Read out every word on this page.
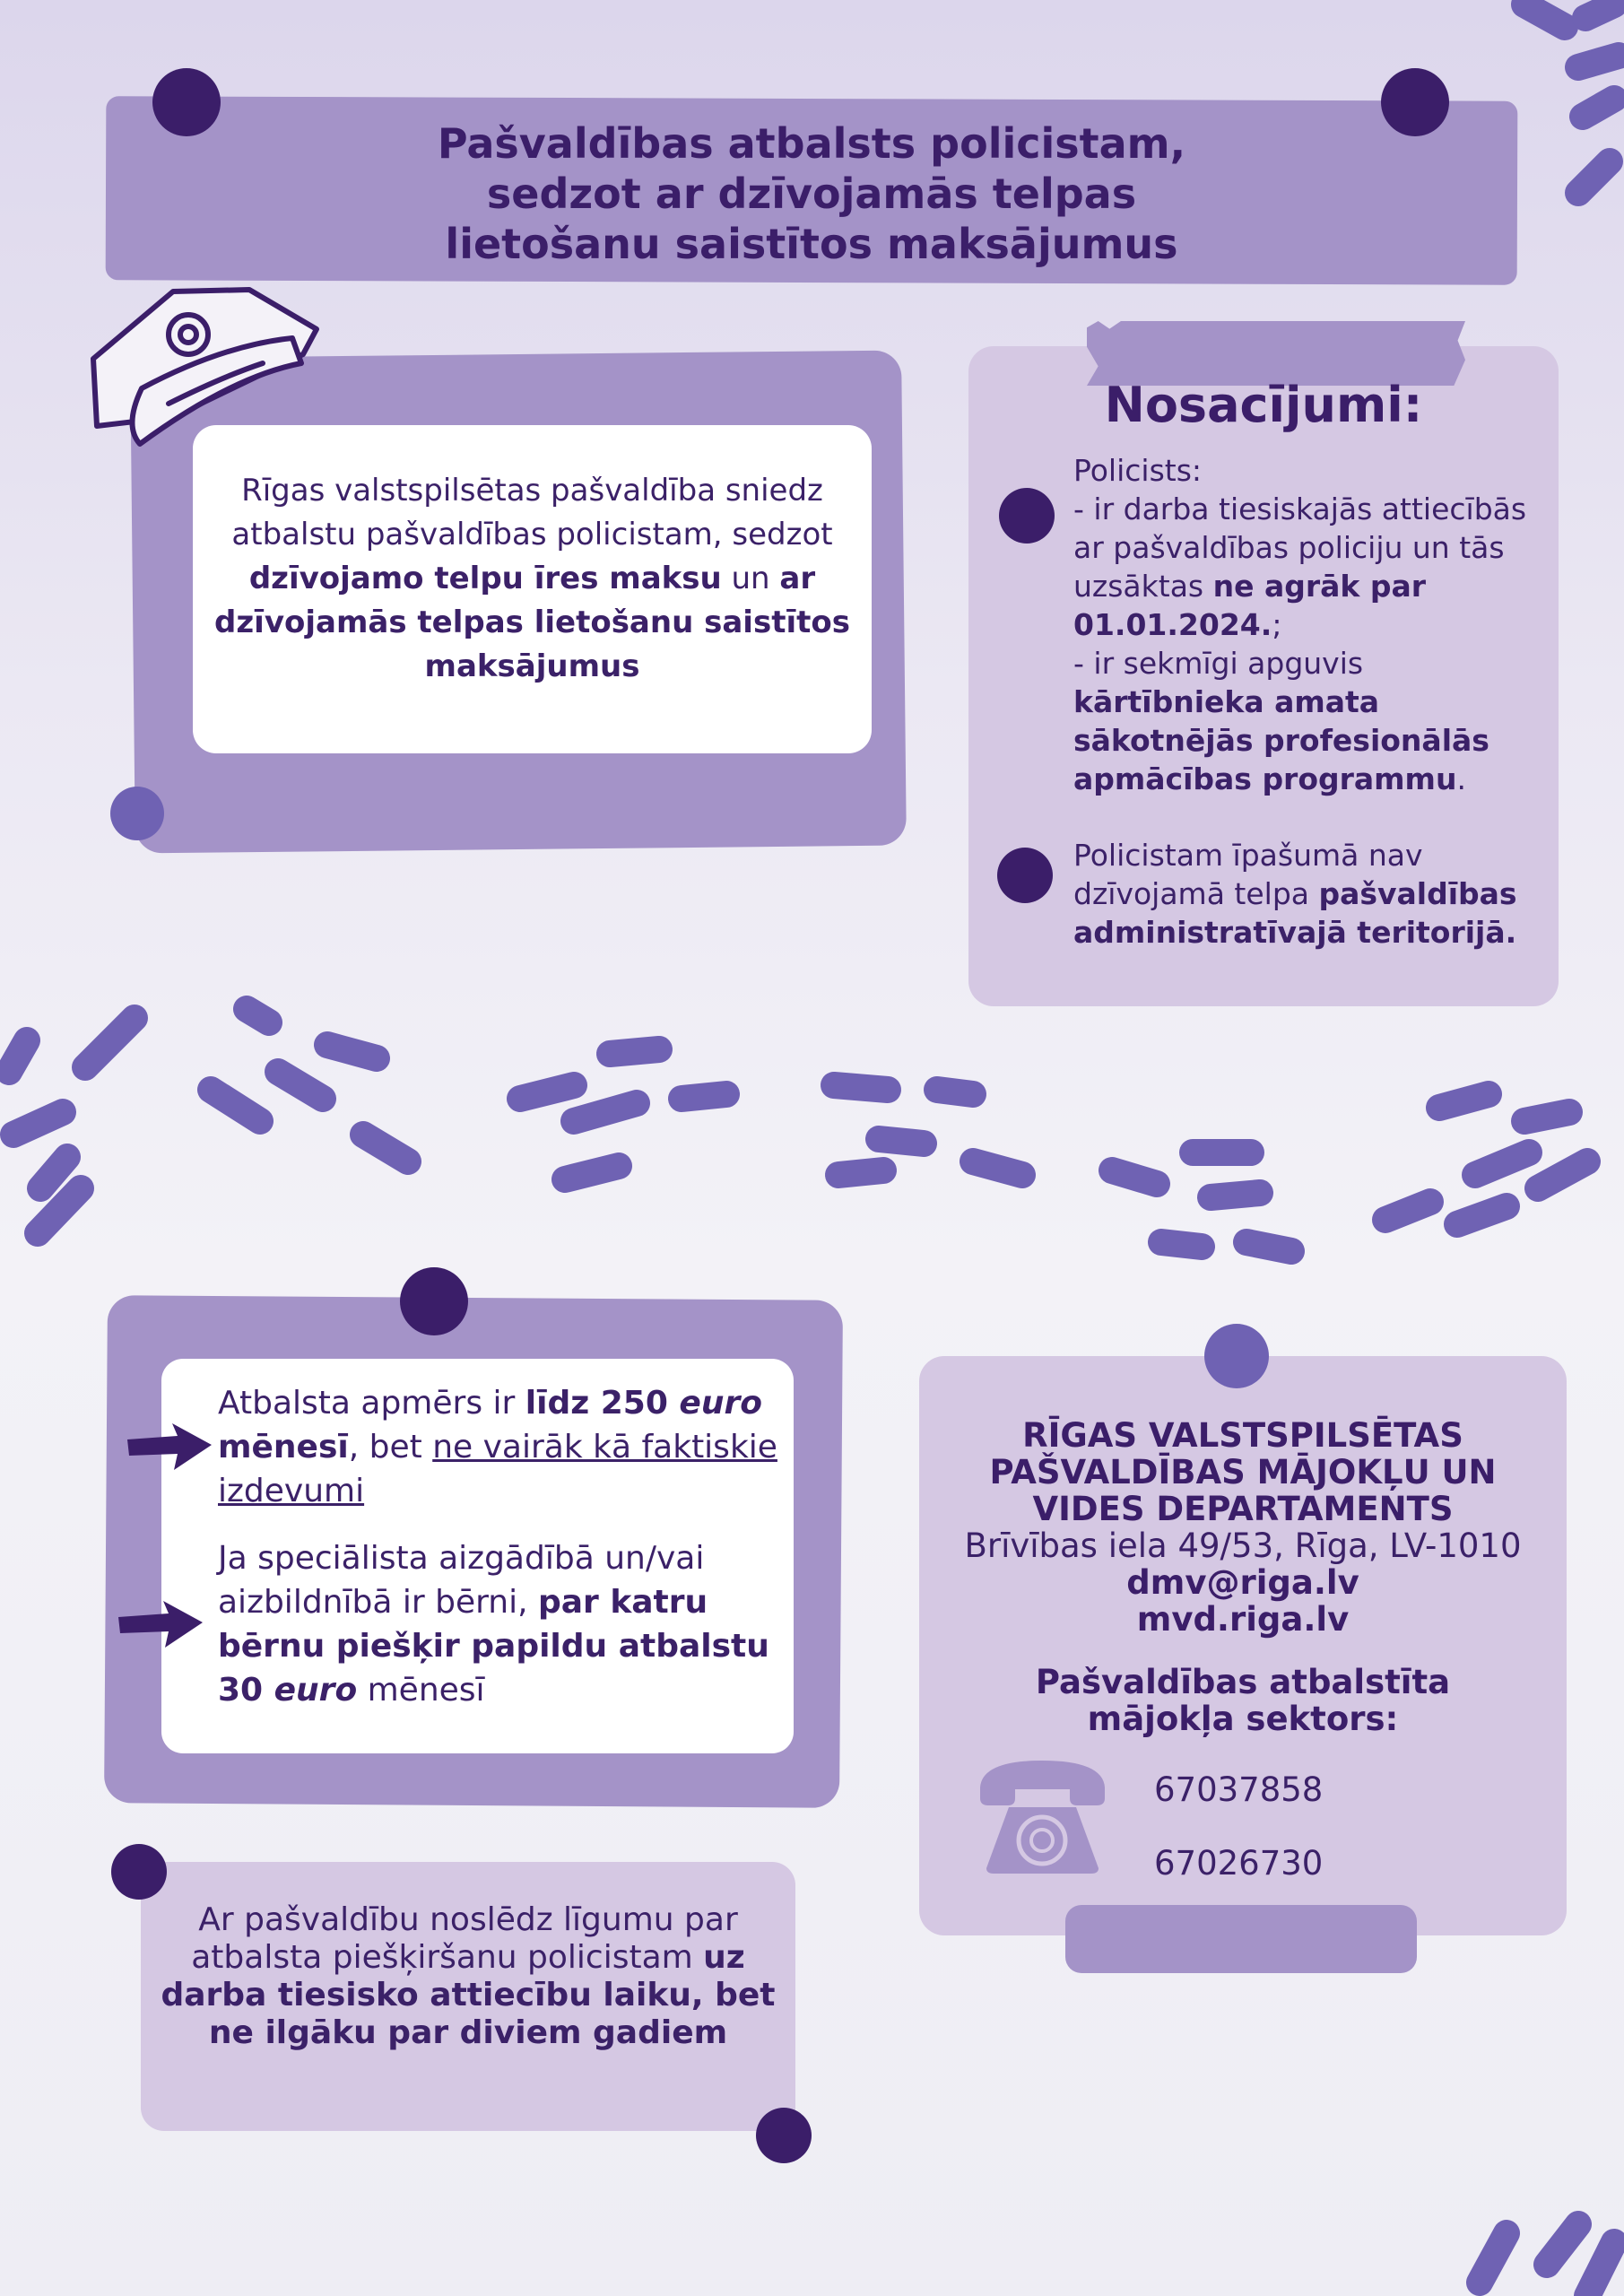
Pašvaldības atbalsts policistam,
sedzot ar dzīvojamās telpas
lietošanu saistītos maksājumus
Rīgas valstspilsētas pašvaldība sniedz atbalstu pašvaldības policistam, sedzot dzīvojamo telpu īres maksu un ar dzīvojamās telpas lietošanu saistītos maksājumus
Nosacījumi:
Policists:
- ir darba tiesiskajās attiecībās ar pašvaldības policiju un tās uzsāktas ne agrāk par 01.01.2024.;
- ir sekmīgi apguvis kārtībnieka amata sākotnējās profesionālās apmācības programmu.
Policistam īpašumā nav dzīvojamā telpa pašvaldības administratīvajā teritorijā.
Atbalsta apmērs ir līdz 250 euro
mēnesī, bet ne vairāk kā faktiskie izdevumi
Ja speciālista aizgādībā un/vai aizbildnībā ir bērni, par katru bērnu piešķir papildu atbalstu 30 euro mēnesī
Ar pašvaldību noslēdz līgumu par atbalsta piešķiršanu policistam uz darba tiesisko attiecību laiku, bet ne ilgāku par diviem gadiem
RĪGAS VALSTSPILSĒTAS
PAŠVALDĪBAS MĀJOKĻU UN
VIDES DEPARTAMENTS
Brīvības iela 49/53, Rīga, LV-1010
dmv@riga.lv
mvd.riga.lv
Pašvaldības atbalstīta
mājokļa sektors:
67037858
67026730
